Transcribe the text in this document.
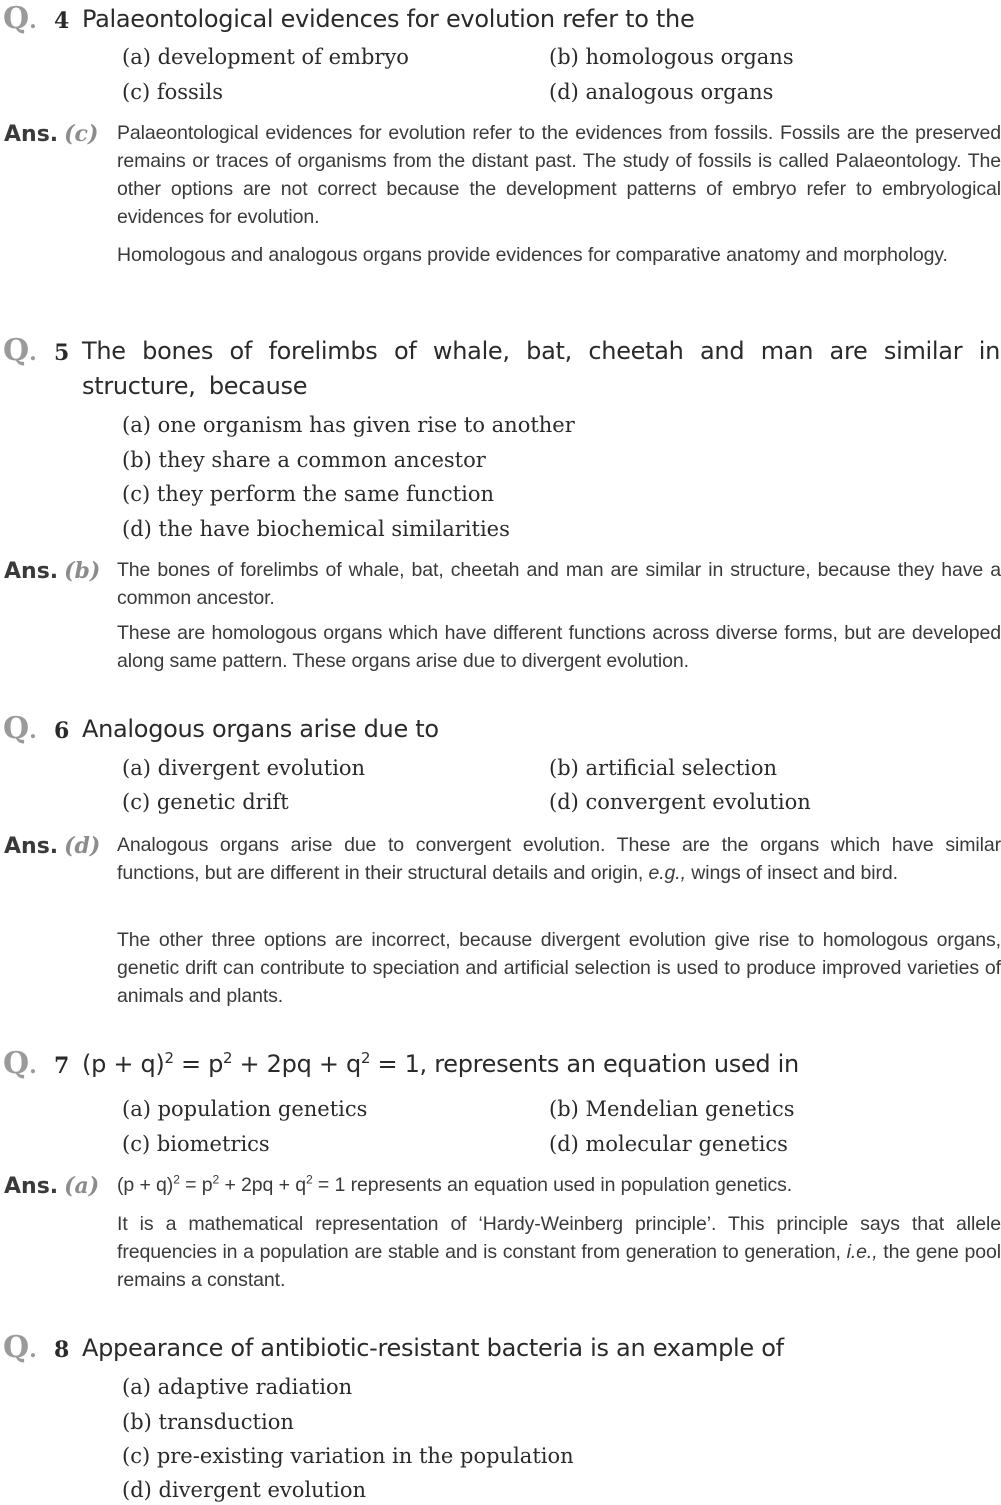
Q. 4 Palaeontological evidences for evolution refer to the
(a) development of embryo	(b) homologous organs
(c) fossils	(d) analogous organs
Ans. (c) Palaeontological evidences for evolution refer to the evidences from fossils. Fossils are the preserved remains or traces of organisms from the distant past. The study of fossils is called Palaeontology. The other options are not correct because the development patterns of embryo refer to embryological evidences for evolution.
Homologous and analogous organs provide evidences for comparative anatomy and morphology.
Q. 5 The bones of forelimbs of whale, bat, cheetah and man are similar in structure, because
(a) one organism has given rise to another
(b) they share a common ancestor
(c) they perform the same function
(d) the have biochemical similarities
Ans. (b) The bones of forelimbs of whale, bat, cheetah and man are similar in structure, because they have a common ancestor.
These are homologous organs which have different functions across diverse forms, but are developed along same pattern. These organs arise due to divergent evolution.
Q. 6 Analogous organs arise due to
(a) divergent evolution	(b) artificial selection
(c) genetic drift	(d) convergent evolution
Ans. (d) Analogous organs arise due to convergent evolution. These are the organs which have similar functions, but are different in their structural details and origin, e.g., wings of insect and bird.
The other three options are incorrect, because divergent evolution give rise to homologous organs, genetic drift can contribute to speciation and artificial selection is used to produce improved varieties of animals and plants.
Q. 7 $(p + q)^2 = p^2 + 2pq + q^2 = 1$, represents an equation used in
(a) population genetics	(b) Mendelian genetics
(c) biometrics	(d) molecular genetics
Ans. (a) $(p + q)^2 = p^2 + 2pq + q^2 = 1$ represents an equation used in population genetics.
It is a mathematical representation of ‘Hardy-Weinberg principle’. This principle says that allele frequencies in a population are stable and is constant from generation to generation, i.e., the gene pool remains a constant.
Q. 8 Appearance of antibiotic-resistant bacteria is an example of
(a) adaptive radiation
(b) transduction
(c) pre-existing variation in the population
(d) divergent evolution
